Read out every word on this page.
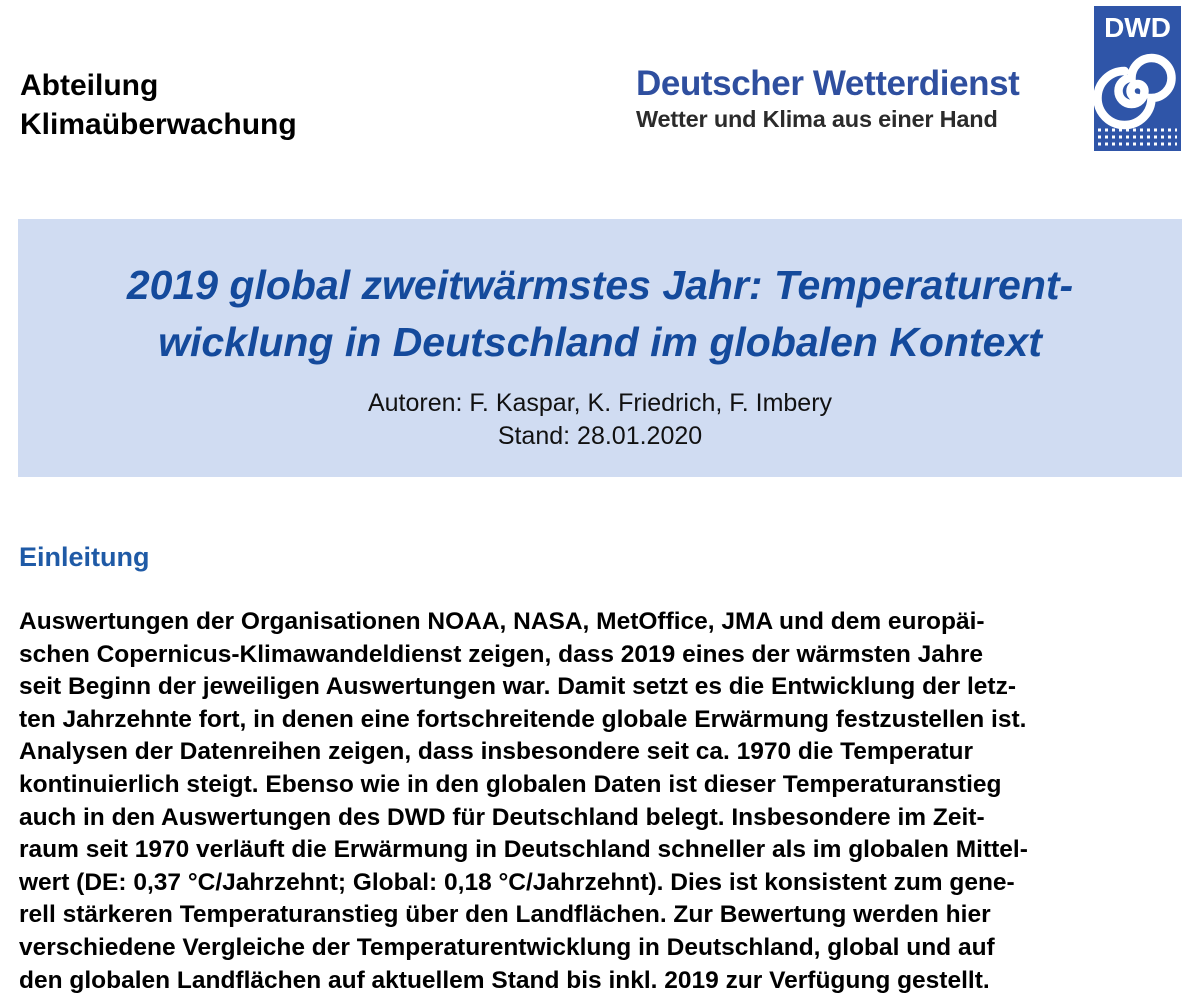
Abteilung
Klimaüberwachung
Deutscher Wetterdienst
Wetter und Klima aus einer Hand
DWD
2019 global zweitwärmstes Jahr: Temperaturent-
wicklung in Deutschland im globalen Kontext
Autoren: F. Kaspar, K. Friedrich, F. Imbery
Stand: 28.01.2020
Einleitung
Auswertungen der Organisationen NOAA, NASA, MetOffice, JMA und dem europäi-
schen Copernicus-Klimawandeldienst zeigen, dass 2019 eines der wärmsten Jahre
seit Beginn der jeweiligen Auswertungen war. Damit setzt es die Entwicklung der letz-
ten Jahrzehnte fort, in denen eine fortschreitende globale Erwärmung festzustellen ist.
Analysen der Datenreihen zeigen, dass insbesondere seit ca. 1970 die Temperatur
kontinuierlich steigt. Ebenso wie in den globalen Daten ist dieser Temperaturanstieg
auch in den Auswertungen des DWD für Deutschland belegt. Insbesondere im Zeit-
raum seit 1970 verläuft die Erwärmung in Deutschland schneller als im globalen Mittel-
wert (DE: 0,37 °C/Jahrzehnt; Global: 0,18 °C/Jahrzehnt). Dies ist konsistent zum gene-
rell stärkeren Temperaturanstieg über den Landflächen. Zur Bewertung werden hier
verschiedene Vergleiche der Temperaturentwicklung in Deutschland, global und auf
den globalen Landflächen auf aktuellem Stand bis inkl. 2019 zur Verfügung gestellt.
